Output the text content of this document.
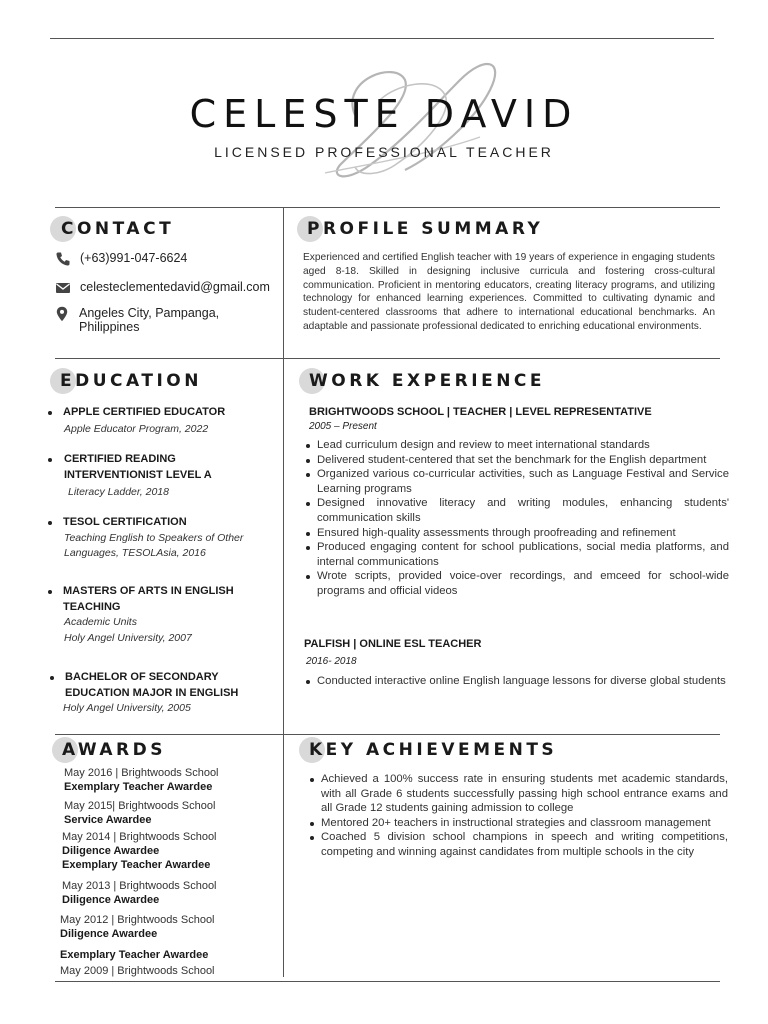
CELESTE DAVID
LICENSED PROFESSIONAL TEACHER
CONTACT
(+63)991-047-6624
celesteclementedavid@gmail.com
Angeles City, Pampanga,
Philippines
PROFILE SUMMARY
Experienced and certified English teacher with 19 years of experience in engaging students aged 8-18. Skilled in designing inclusive curricula and fostering cross-cultural communication. Proficient in mentoring educators, creating literacy programs, and utilizing technology for enhanced learning experiences. Committed to cultivating dynamic and student-centered classrooms that adhere to international educational benchmarks. An adaptable and passionate professional dedicated to enriching educational environments.
EDUCATION
APPLE CERTIFIED EDUCATOR
Apple Educator Program, 2022
CERTIFIED READING INTERVENTIONIST LEVEL A
Literacy Ladder, 2018
TESOL CERTIFICATION
Teaching English to Speakers of Other Languages, TESOLAsia, 2016
MASTERS OF ARTS IN ENGLISH TEACHING
Academic Units
Holy Angel University, 2007
BACHELOR OF SECONDARY EDUCATION MAJOR IN ENGLISH
Holy Angel University, 2005
WORK EXPERIENCE
BRIGHTWOODS SCHOOL | TEACHER | LEVEL REPRESENTATIVE
2005 – Present
Lead curriculum design and review to meet international standards
Delivered student-centered that set the benchmark for the English department
Organized various co-curricular activities, such as Language Festival and Service Learning programs
Designed innovative literacy and writing modules, enhancing students' communication skills
Ensured high-quality assessments through proofreading and refinement
Produced engaging content for school publications, social media platforms, and internal communications
Wrote scripts, provided voice-over recordings, and emceed for school-wide programs and official videos
PALFISH | ONLINE ESL TEACHER
2016- 2018
Conducted interactive online English language lessons for diverse global students
AWARDS
May 2016 | Brightwoods School
Exemplary Teacher Awardee
May 2015| Brightwoods School
Service Awardee
May 2014 | Brightwoods School
Diligence Awardee
Exemplary Teacher Awardee
May 2013 | Brightwoods School
Diligence Awardee
May 2012 | Brightwoods School
Diligence Awardee
Exemplary Teacher Awardee
May 2009 | Brightwoods School
KEY ACHIEVEMENTS
Achieved a 100% success rate in ensuring students met academic standards, with all Grade 6 students successfully passing high school entrance exams and all Grade 12 students gaining admission to college
Mentored 20+ teachers in instructional strategies and classroom management
Coached 5 division school champions in speech and writing competitions, competing and winning against candidates from multiple schools in the city
